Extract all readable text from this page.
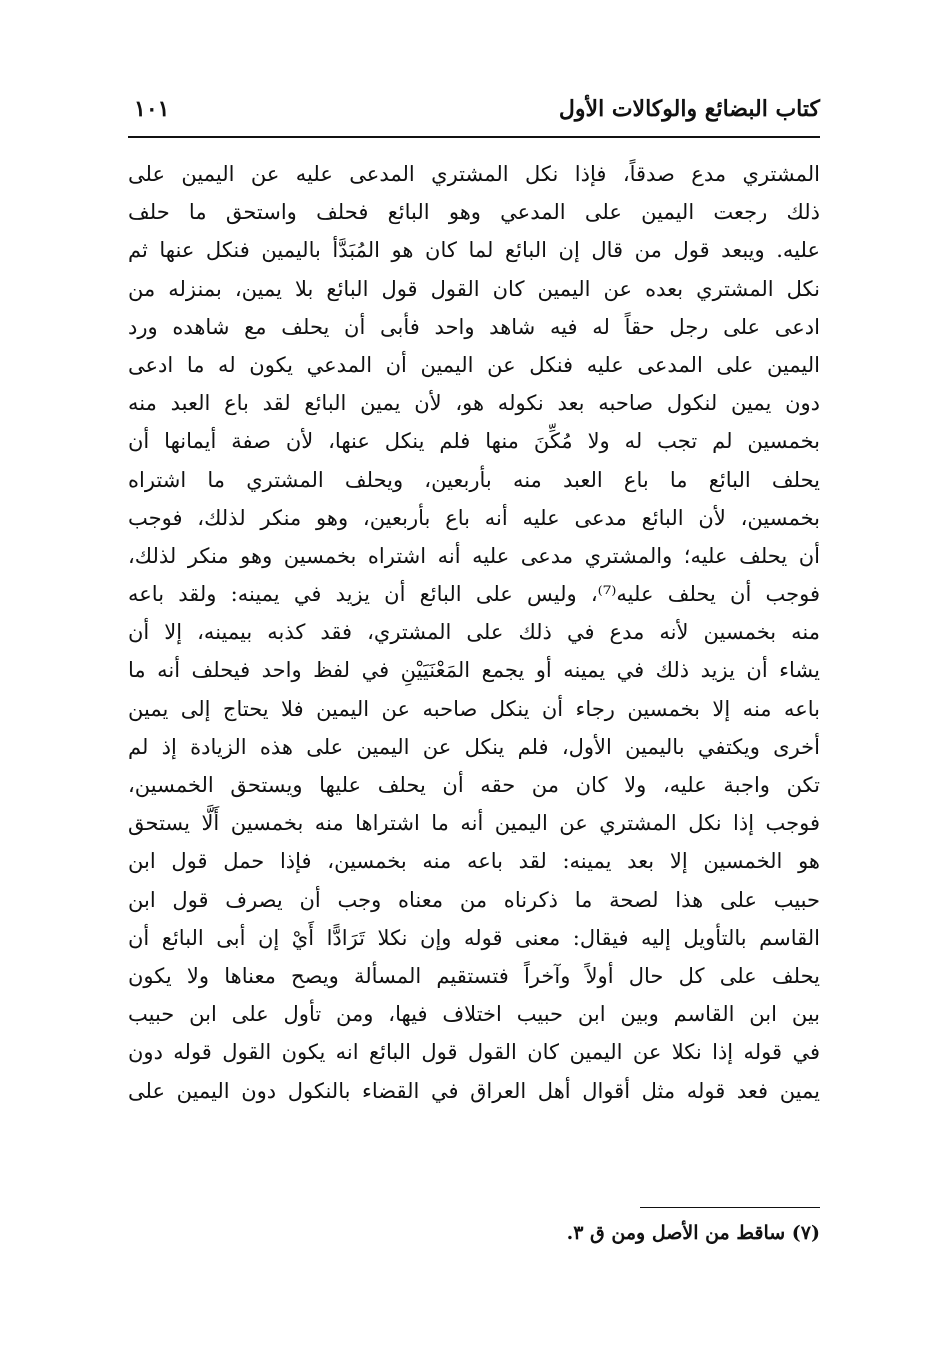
كتاب البضائع والوكالات الأول
١٠١
المشتري مدع صدقاً، فإذا نكل المشتري المدعى عليه عن اليمين على
ذلك رجعت اليمين على المدعي وهو البائع فحلف واستحق ما حلف
عليه. ويبعد قول من قال إن البائع لما كان هو المُبَدَّأ باليمين فنكل عنها ثم
نكل المشتري بعده عن اليمين كان القول قول البائع بلا يمين، بمنزله من
ادعى على رجل حقاً له فيه شاهد واحد فأبى أن يحلف مع شاهده ورد
اليمين على المدعى عليه فنكل عن اليمين أن المدعي يكون له ما ادعى
دون يمين لنكول صاحبه بعد نكوله هو، لأن يمين البائع لقد باع العبد منه
بخمسين لم تجب له ولا مُكِّنَ منها فلم ينكل عنها، لأن صفة أيمانها أن
يحلف البائع ما باع العبد منه بأربعين، ويحلف المشتري ما اشتراه
بخمسين، لأن البائع مدعى عليه أنه باع بأربعين، وهو منكر لذلك، فوجب
أن يحلف عليه؛ والمشتري مدعى عليه أنه اشتراه بخمسين وهو منكر لذلك،
فوجب أن يحلف عليه⁽⁷⁾، وليس على البائع أن يزيد في يمينه: ولقد باعه
منه بخمسين لأنه مدع في ذلك على المشتري، فقد كذبه بيمينه، إلا أن
يشاء أن يزيد ذلك في يمينه أو يجمع المَعْنَيَيْنِ في لفظ واحد فيحلف أنه ما
باعه منه إلا بخمسين رجاء أن ينكل صاحبه عن اليمين فلا يحتاج إلى يمين
أخرى ويكتفي باليمين الأول، فلم ينكل عن اليمين على هذه الزيادة إذ لم
تكن واجبة عليه، ولا كان من حقه أن يحلف عليها ويستحق الخمسين،
فوجب إذا نكل المشتري عن اليمين أنه ما اشتراها منه بخمسين أَلَّا يستحق
هو الخمسين إلا بعد يمينه: لقد باعه منه بخمسين، فإذا حمل قول ابن
حبيب على هذا لصحة ما ذكرناه من معناه وجب أن يصرف قول ابن
القاسم بالتأويل إليه فيقال: معنى قوله وإن نكلا تَرَادًّا أَيْ إن أبى البائع أن
يحلف على كل حال أولاً وآخراً فتستقيم المسألة ويصح معناها ولا يكون
بين ابن القاسم وبين ابن حبيب اختلاف فيها، ومن تأول على ابن حبيب
في قوله إذا نكلا عن اليمين كان القول قول البائع انه يكون القول قوله دون
يمين فعد قوله مثل أقوال أهل العراق في القضاء بالنكول دون اليمين على
(٧) ساقط من الأصل ومن ق ٣.
